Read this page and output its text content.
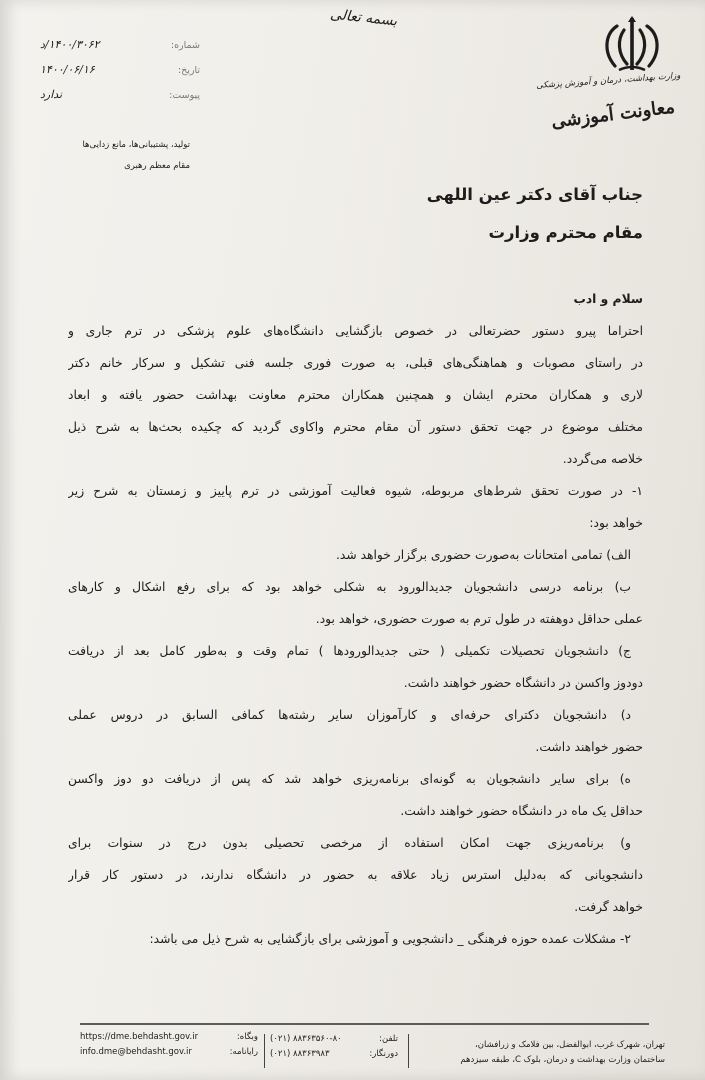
بسمه تعالی
وزارت بهداشت، درمان و آموزش پزشکی
معاونت آموزشی
شماره:
۱۴۰۰/۳۰۶۲/د
تاریخ:
۱۴۰۰/۰۶/۱۶
پیوست:
ندارد
تولید، پشتیبانی‌ها، مانع زدایی‌ها
مقام معظم رهبری
جناب آقای دکتر عین اللهی
مقام محترم وزارت
سلام و ادب
احتراما پیرو دستور حضرتعالی در خصوص بازگشایی دانشگاه‌های علوم پزشکی در ترم جاری و
در راستای مصوبات و هماهنگی‌های قبلی، به صورت فوری جلسه فنی تشکیل و سرکار خانم دکتر
لاری و همکاران محترم ایشان و همچنین همکاران محترم معاونت بهداشت حضور یافته و ابعاد
مختلف موضوع در جهت تحقق دستور آن مقام محترم واکاوی گردید که چکیده بحث‌ها به شرح ذیل
خلاصه می‌گردد.
۱- در صورت تحقق شرط‌های مربوطه، شیوه فعالیت آموزشی در ترم پاییز و زمستان به شرح زیر
خواهد بود:
الف) تمامی امتحانات به‌صورت حضوری برگزار خواهد شد.
ب) برنامه درسی دانشجویان جدیدالورود به شکلی خواهد بود که برای رفع اشکال و کارهای
عملی حداقل دوهفته در طول ترم به صورت حضوری، خواهد بود.
ج) دانشجویان تحصیلات تکمیلی ( حتی جدیدالورودها ) تمام وقت و به‌طور کامل بعد از دریافت
دودوز واکسن در دانشگاه حضور خواهند داشت.
د) دانشجویان دکترای حرفه‌ای و کارآموزان سایر رشته‌ها کمافی السابق در دروس عملی
حضور خواهند داشت.
ه) برای سایر دانشجویان به گونه‌ای برنامه‌ریزی خواهد شد که پس از دریافت دو دوز واکسن
حداقل یک ماه در دانشگاه حضور خواهند داشت.
و) برنامه‌ریزی جهت امکان استفاده از مرخصی تحصیلی بدون درج در سنوات برای
دانشجویانی که به‌دلیل استرس زیاد علاقه به حضور در دانشگاه ندارند، در دستور کار قرار
خواهد گرفت.
۲- مشکلات عمده حوزه فرهنگی _ دانشجویی و آموزشی برای بازگشایی به شرح ذیل می باشد:
تهران، شهرک غرب، ابوالفضل، بین فلامک و زرافشان،
ساختمان وزارت بهداشت و درمان، بلوک C، طبقه سیزدهم
تلفن:
(۰۲۱) ۸۸۳۶۳۵۶۰-۸۰
دورنگار:
(۰۲۱) ۸۸۳۶۳۹۸۳
https://dme.behdasht.gov.ir	وبگاه:
info.dme@behdasht.gov.ir	رایانامه:
